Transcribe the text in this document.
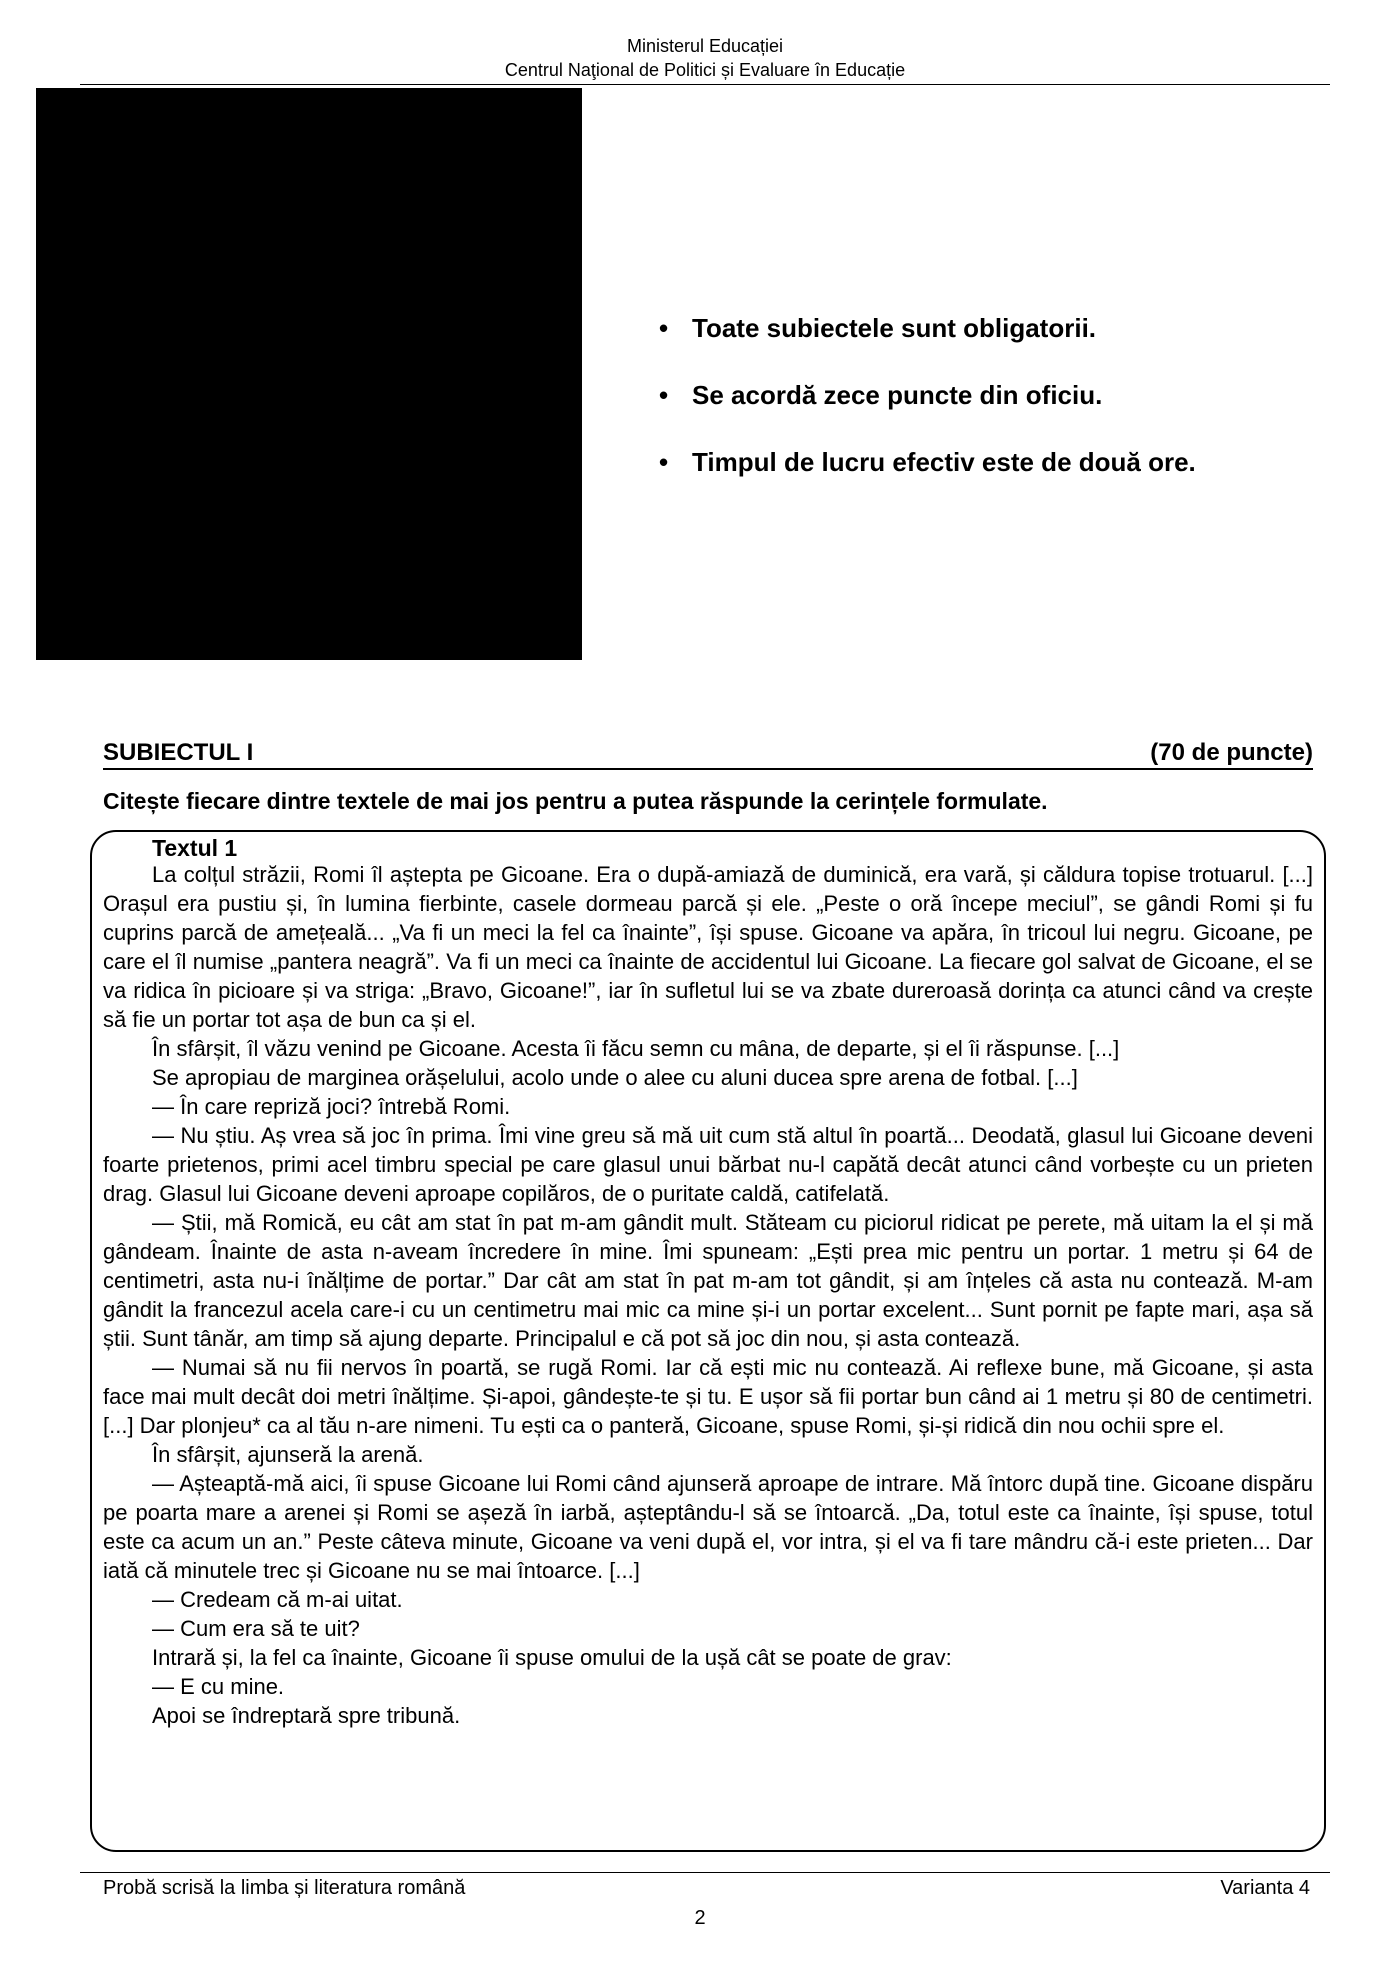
Ministerul Educației
Centrul Naţional de Politici și Evaluare în Educație
• Toate subiectele sunt obligatorii.
• Se acordă zece puncte din oficiu.
• Timpul de lucru efectiv este de două ore.
SUBIECTUL I	(70 de puncte)
Citește fiecare dintre textele de mai jos pentru a putea răspunde la cerințele formulate.
Textul 1

La colțul străzii, Romi îl aștepta pe Gicoane. Era o după-amiază de duminică, era vară, și căldura topise trotuarul. [...] Orașul era pustiu și, în lumina fierbinte, casele dormeau parcă și ele. „Peste o oră începe meciul”, se gândi Romi și fu cuprins parcă de amețeală... „Va fi un meci la fel ca înainte”, își spuse. Gicoane va apăra, în tricoul lui negru. Gicoane, pe care el îl numise „pantera neagră”. Va fi un meci ca înainte de accidentul lui Gicoane. La fiecare gol salvat de Gicoane, el se va ridica în picioare și va striga: „Bravo, Gicoane!”, iar în sufletul lui se va zbate dureroasă dorința ca atunci când va crește să fie un portar tot așa de bun ca și el.

În sfârșit, îl văzu venind pe Gicoane. Acesta îi făcu semn cu mâna, de departe, și el îi răspunse. [...]

Se apropiau de marginea orășelului, acolo unde o alee cu aluni ducea spre arena de fotbal. [...]

— În care repriză joci? întrebă Romi.

— Nu știu. Aș vrea să joc în prima. Îmi vine greu să mă uit cum stă altul în poartă... Deodată, glasul lui Gicoane deveni foarte prietenos, primi acel timbru special pe care glasul unui bărbat nu-l capătă decât atunci când vorbește cu un prieten drag. Glasul lui Gicoane deveni aproape copilăros, de o puritate caldă, catifelată.

— Știi, mă Romică, eu cât am stat în pat m-am gândit mult. Stăteam cu piciorul ridicat pe perete, mă uitam la el și mă gândeam. Înainte de asta n-aveam încredere în mine. Îmi spuneam: „Ești prea mic pentru un portar. 1 metru și 64 de centimetri, asta nu-i înălțime de portar.” Dar cât am stat în pat m-am tot gândit, și am înțeles că asta nu contează. M-am gândit la francezul acela care-i cu un centimetru mai mic ca mine și-i un portar excelent... Sunt pornit pe fapte mari, așa să știi. Sunt tânăr, am timp să ajung departe. Principalul e că pot să joc din nou, și asta contează.

— Numai să nu fii nervos în poartă, se rugă Romi. Iar că ești mic nu contează. Ai reflexe bune, mă Gicoane, și asta face mai mult decât doi metri înălțime. Și-apoi, gândește-te și tu. E ușor să fii portar bun când ai 1 metru și 80 de centimetri. [...] Dar plonjeu* ca al tău n-are nimeni. Tu ești ca o panteră, Gicoane, spuse Romi, și-și ridică din nou ochii spre el.

În sfârșit, ajunseră la arenă.

— Așteaptă-mă aici, îi spuse Gicoane lui Romi când ajunseră aproape de intrare. Mă întorc după tine. Gicoane dispăru pe poarta mare a arenei și Romi se așeză în iarbă, așteptându-l să se întoarcă. „Da, totul este ca înainte, își spuse, totul este ca acum un an.” Peste câteva minute, Gicoane va veni după el, vor intra, și el va fi tare mândru că-i este prieten... Dar iată că minutele trec și Gicoane nu se mai întoarce. [...]

— Credeam că m-ai uitat.

— Cum era să te uit?

Intrară și, la fel ca înainte, Gicoane îi spuse omului de la ușă cât se poate de grav:

— E cu mine.

Apoi se îndreptară spre tribună.

Probă scrisă la limba și literatura română	Varianta 4
2
